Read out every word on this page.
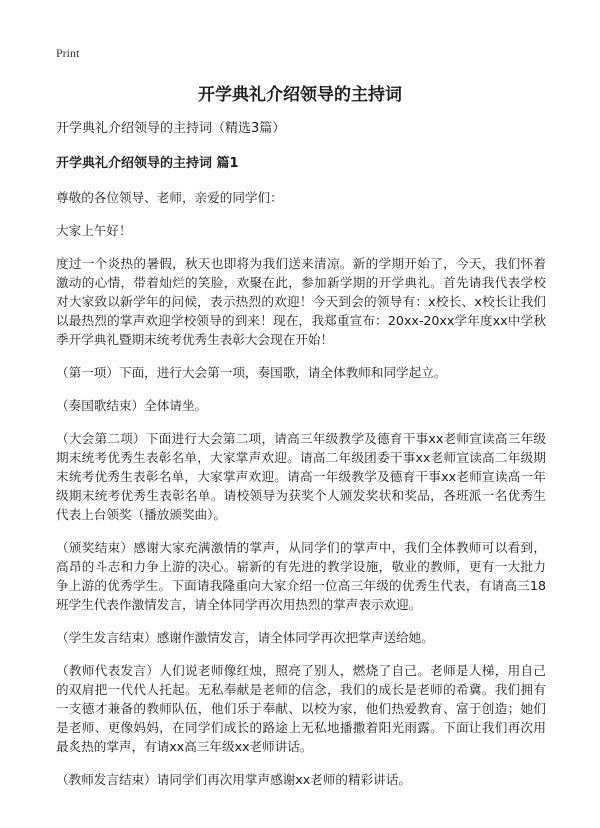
Print
开学典礼介绍领导的主持词

开学典礼介绍领导的主持词（精选3篇）

开学典礼介绍领导的主持词 篇1

尊敬的各位领导、老师，亲爱的同学们：

大家上午好！

度过一个炎热的暑假，秋天也即将为我们送来清凉。新的学期开始了，今天，我们怀着激动的心情，带着灿烂的笑脸，欢聚在此，参加新学期的开学典礼。首先请我代表学校对大家致以新学年的问候，表示热烈的欢迎！今天到会的领导有：x校长、x校长让我们以最热烈的掌声欢迎学校领导的到来！现在，我郑重宣布：20xx-20xx学年度xx中学秋季开学典礼暨期末统考优秀生表彰大会现在开始！

（第一项）下面，进行大会第一项，奏国歌，请全体教师和同学起立。

（奏国歌结束）全体请坐。

（大会第二项）下面进行大会第二项，请高三年级教学及德育干事xx老师宣读高三年级期末统考优秀生表彰名单，大家掌声欢迎。请高二年级团委干事xx老师宣读高二年级期末统考优秀生表彰名单，大家掌声欢迎。请高一年级教学及德育干事xx老师宣读高一年级期末统考优秀生表彰名单。请校领导为获奖个人颁发奖状和奖品，各班派一名优秀生代表上台领奖（播放颁奖曲）。

（颁奖结束）感谢大家充满激情的掌声，从同学们的掌声中，我们全体教师可以看到，高昂的斗志和力争上游的决心。崭新的有先进的教学设施，敬业的教师，更有一大批力争上游的优秀学生。下面请我隆重向大家介绍一位高三年级的优秀生代表，有请高三18班学生代表作激情发言，请全体同学再次用热烈的掌声表示欢迎。

（学生发言结束）感谢作激情发言，请全体同学再次把掌声送给她。

（教师代表发言）人们说老师像红烛，照亮了别人，燃烧了自己。老师是人梯，用自己的双肩把一代代人托起。无私奉献是老师的信念，我们的成长是老师的希冀。我们拥有一支德才兼备的教师队伍，他们乐于奉献、以校为家，他们热爱教育、富于创造；她们是老师、更像妈妈，在同学们成长的路途上无私地播撒着阳光雨露。下面让我们再次用最炙热的掌声，有请xx高三年级xx老师讲话。

（教师发言结束）请同学们再次用掌声感谢xx老师的精彩讲话。
